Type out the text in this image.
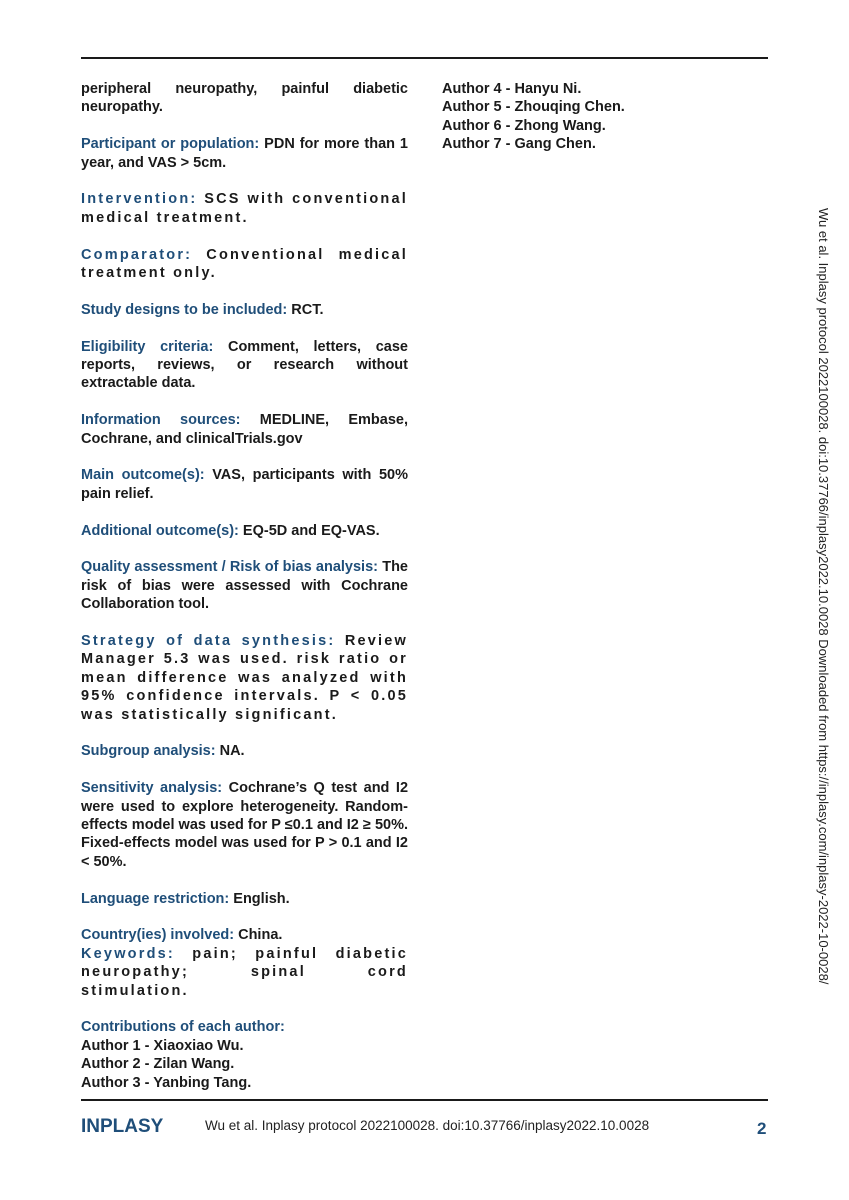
peripheral neuropathy, painful diabetic neuropathy.

Participant or population: PDN for more than 1 year, and VAS > 5cm.

Intervention: SCS with conventional medical treatment.

Comparator: Conventional medical treatment only.

Study designs to be included: RCT.

Eligibility criteria: Comment, letters, case reports, reviews, or research without extractable data.

Information sources: MEDLINE, Embase, Cochrane, and clinicalTrials.gov

Main outcome(s): VAS, participants with 50% pain relief.

Additional outcome(s): EQ-5D and EQ-VAS.

Quality assessment / Risk of bias analysis: The risk of bias were assessed with Cochrane Collaboration tool.

Strategy of data synthesis: Review Manager 5.3 was used. risk ratio or mean difference was analyzed with 95% confidence intervals. P < 0.05 was statistically significant.

Subgroup analysis: NA.

Sensitivity analysis: Cochrane’s Q test and I2 were used to explore heterogeneity. Random-effects model was used for P ≤0.1 and I2 ≥ 50%. Fixed-effects model was used for P > 0.1 and I2 < 50%.

Language restriction: English.

Country(ies) involved: China.

Keywords: pain; painful diabetic neuropathy; spinal cord stimulation.

Contributions of each author:
Author 1 - Xiaoxiao Wu.
Author 2 - Zilan Wang.
Author 3 - Yanbing Tang.
Author 4 - Hanyu Ni.
Author 5 - Zhouqing Chen.
Author 6 - Zhong Wang.
Author 7 - Gang Chen.
Wu et al. Inplasy protocol 2022100028. doi:10.37766/inplasy2022.10.0028 Downloaded from https://inplasy.com/inplasy-2022-10-0028/
INPLASY	Wu et al. Inplasy protocol 2022100028. doi:10.37766/inplasy2022.10.0028	2
